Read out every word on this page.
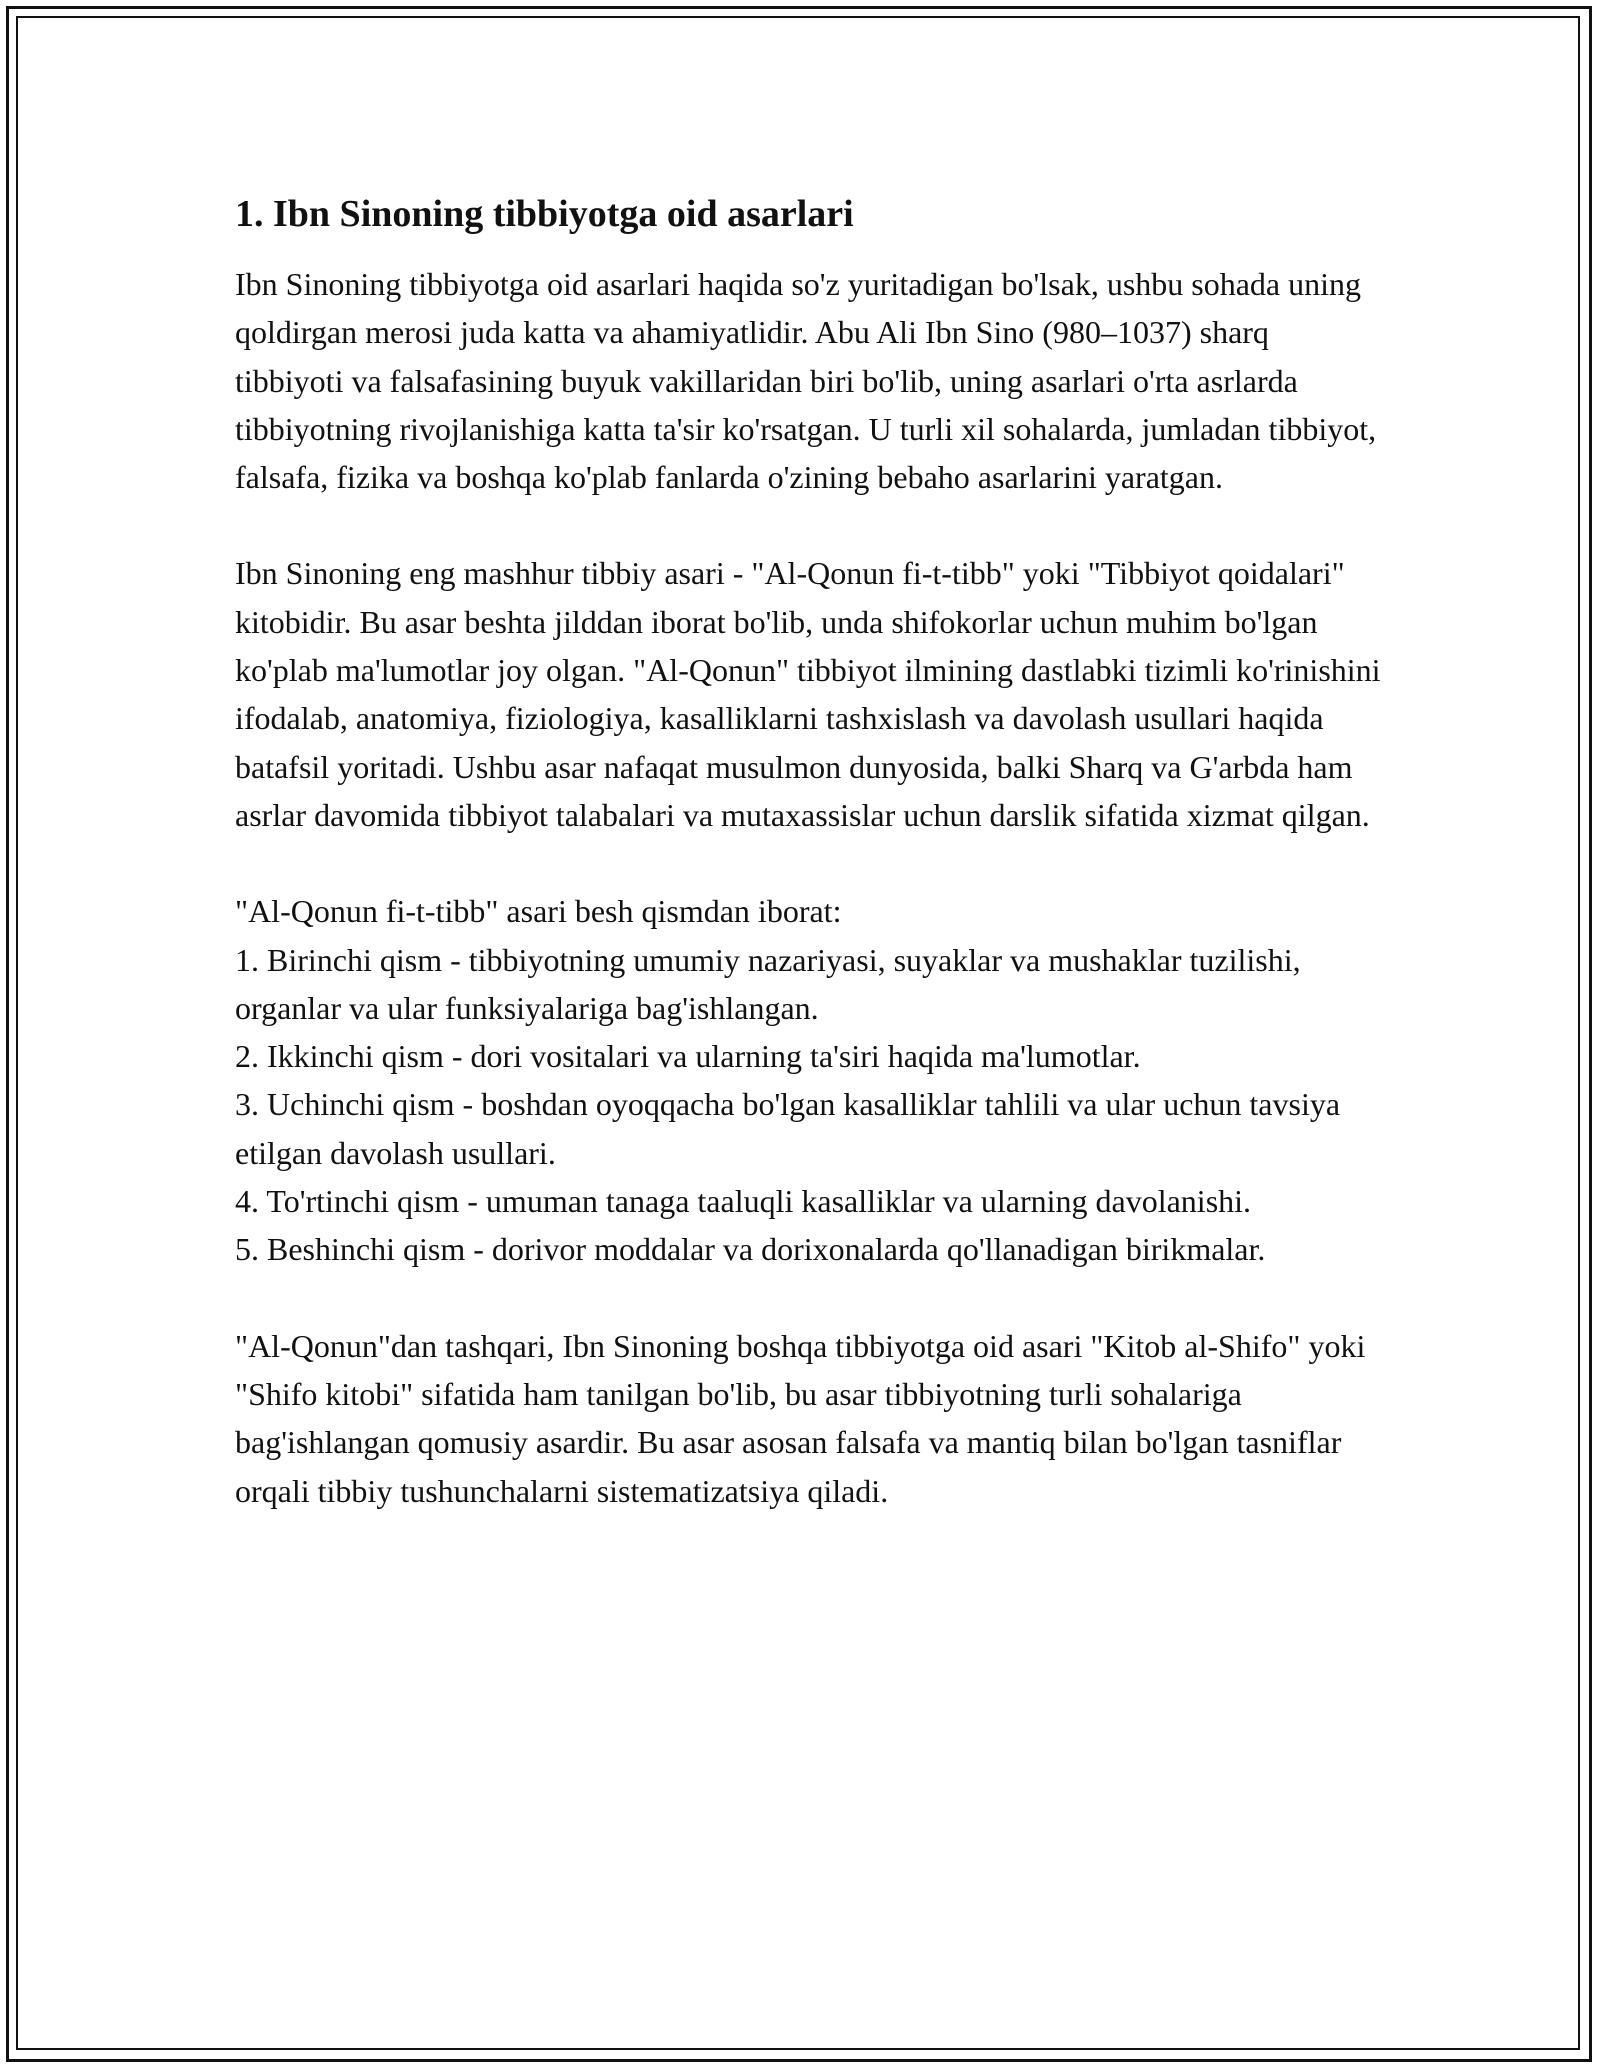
1. Ibn Sinoning tibbiyotga oid asarlari

Ibn Sinoning tibbiyotga oid asarlari haqida so'z yuritadigan bo'lsak, ushbu sohada uning qoldirgan merosi juda katta va ahamiyatlidir. Abu Ali Ibn Sino (980–1037) sharq tibbiyoti va falsafasining buyuk vakillaridan biri bo'lib, uning asarlari o'rta asrlarda tibbiyotning rivojlanishiga katta ta'sir ko'rsatgan. U turli xil sohalarda, jumladan tibbiyot, falsafa, fizika va boshqa ko'plab fanlarda o'zining bebaho asarlarini yaratgan.

Ibn Sinoning eng mashhur tibbiy asari - "Al-Qonun fi-t-tibb" yoki "Tibbiyot qoidalari" kitobidir. Bu asar beshta jilddan iborat bo'lib, unda shifokorlar uchun muhim bo'lgan ko'plab ma'lumotlar joy olgan. "Al-Qonun" tibbiyot ilmining dastlabki tizimli ko'rinishini ifodalab, anatomiya, fiziologiya, kasalliklarni tashxislash va davolash usullari haqida batafsil yoritadi. Ushbu asar nafaqat musulmon dunyosida, balki Sharq va G'arbda ham asrlar davomida tibbiyot talabalari va mutaxassislar uchun darslik sifatida xizmat qilgan.

"Al-Qonun fi-t-tibb" asari besh qismdan iborat:
1. Birinchi qism - tibbiyotning umumiy nazariyasi, suyaklar va mushaklar tuzilishi, organlar va ular funksiyalariga bag'ishlangan.
2. Ikkinchi qism - dori vositalari va ularning ta'siri haqida ma'lumotlar.
3. Uchinchi qism - boshdan oyoqqacha bo'lgan kasalliklar tahlili va ular uchun tavsiya etilgan davolash usullari.
4. To'rtinchi qism - umuman tanaga taaluqli kasalliklar va ularning davolanishi.
5. Beshinchi qism - dorivor moddalar va dorixonalarda qo'llanadigan birikmalar.

"Al-Qonun"dan tashqari, Ibn Sinoning boshqa tibbiyotga oid asari "Kitob al-Shifo" yoki "Shifo kitobi" sifatida ham tanilgan bo'lib, bu asar tibbiyotning turli sohalariga bag'ishlangan qomusiy asardir. Bu asar asosan falsafa va mantiq bilan bo'lgan tasniflar orqali tibbiy tushunchalarni sistematizatsiya qiladi.
